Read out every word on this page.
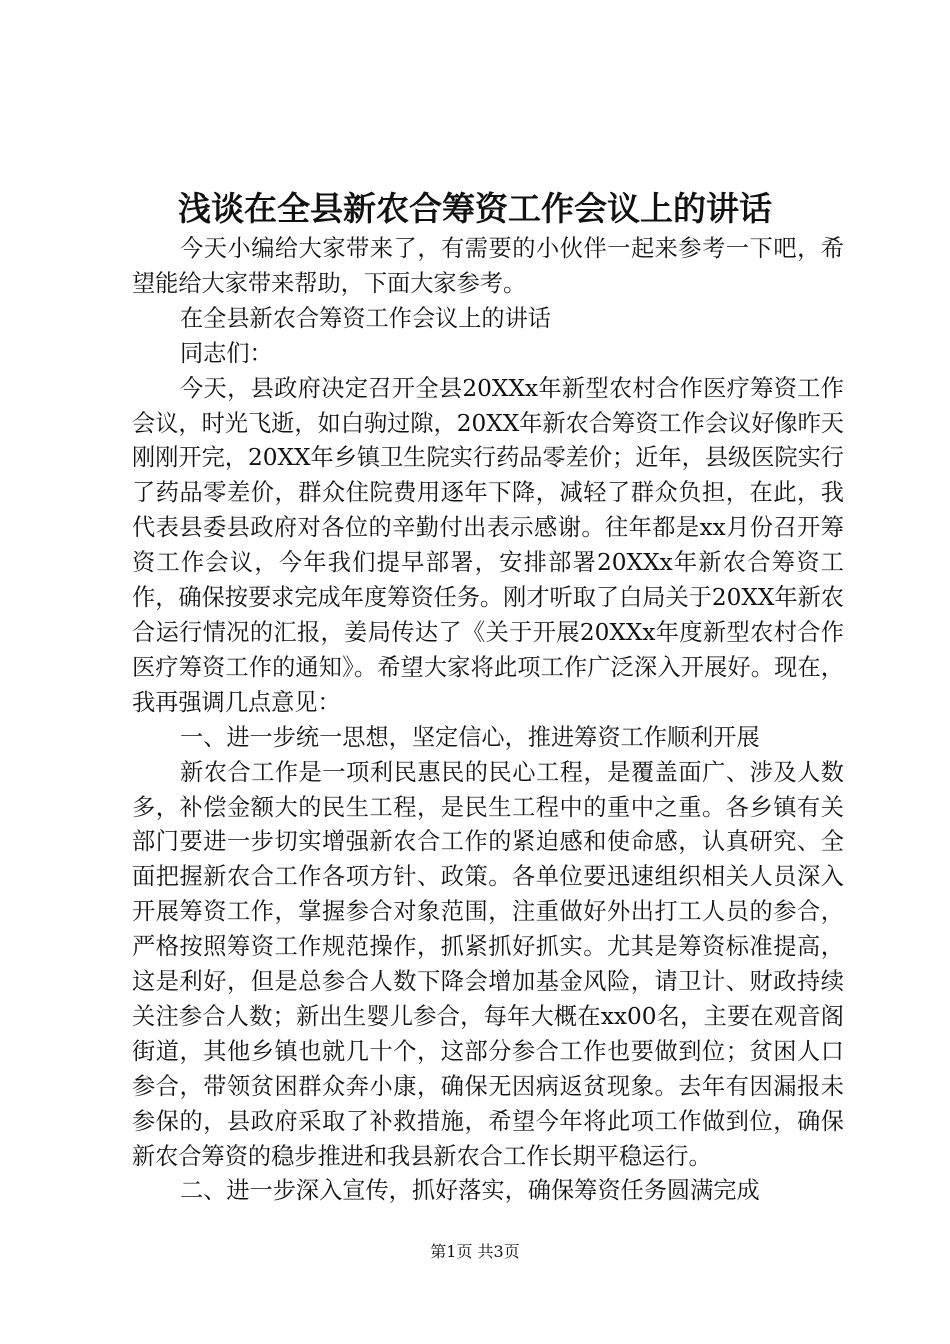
浅谈在全县新农合筹资工作会议上的讲话

今天小编给大家带来了，有需要的小伙伴一起来参考一下吧，希望能给大家带来帮助，下面大家参考。

在全县新农合筹资工作会议上的讲话

同志们：

今天，县政府决定召开全县20XXx年新型农村合作医疗筹资工作会议，时光飞逝，如白驹过隙，20XX年新农合筹资工作会议好像昨天刚刚开完，20XX年乡镇卫生院实行药品零差价；近年，县级医院实行了药品零差价，群众住院费用逐年下降，减轻了群众负担，在此，我代表县委县政府对各位的辛勤付出表示感谢。往年都是xx月份召开筹资工作会议，今年我们提早部署，安排部署20XXx年新农合筹资工作，确保按要求完成年度筹资任务。刚才听取了白局关于20XX年新农合运行情况的汇报，姜局传达了《关于开展20XXx年度新型农村合作医疗筹资工作的通知》。希望大家将此项工作广泛深入开展好。现在，我再强调几点意见：

一、进一步统一思想，坚定信心，推进筹资工作顺利开展

新农合工作是一项利民惠民的民心工程，是覆盖面广、涉及人数多，补偿金额大的民生工程，是民生工程中的重中之重。各乡镇有关部门要进一步切实增强新农合工作的紧迫感和使命感，认真研究、全面把握新农合工作各项方针、政策。各单位要迅速组织相关人员深入开展筹资工作，掌握参合对象范围，注重做好外出打工人员的参合，严格按照筹资工作规范操作，抓紧抓好抓实。尤其是筹资标准提高，这是利好，但是总参合人数下降会增加基金风险，请卫计、财政持续关注参合人数；新出生婴儿参合，每年大概在xx00名，主要在观音阁街道，其他乡镇也就几十个，这部分参合工作也要做到位；贫困人口参合，带领贫困群众奔小康，确保无因病返贫现象。去年有因漏报未参保的，县政府采取了补救措施，希望今年将此项工作做到位，确保新农合筹资的稳步推进和我县新农合工作长期平稳运行。

二、进一步深入宣传，抓好落实，确保筹资任务圆满完成

第1页 共3页
